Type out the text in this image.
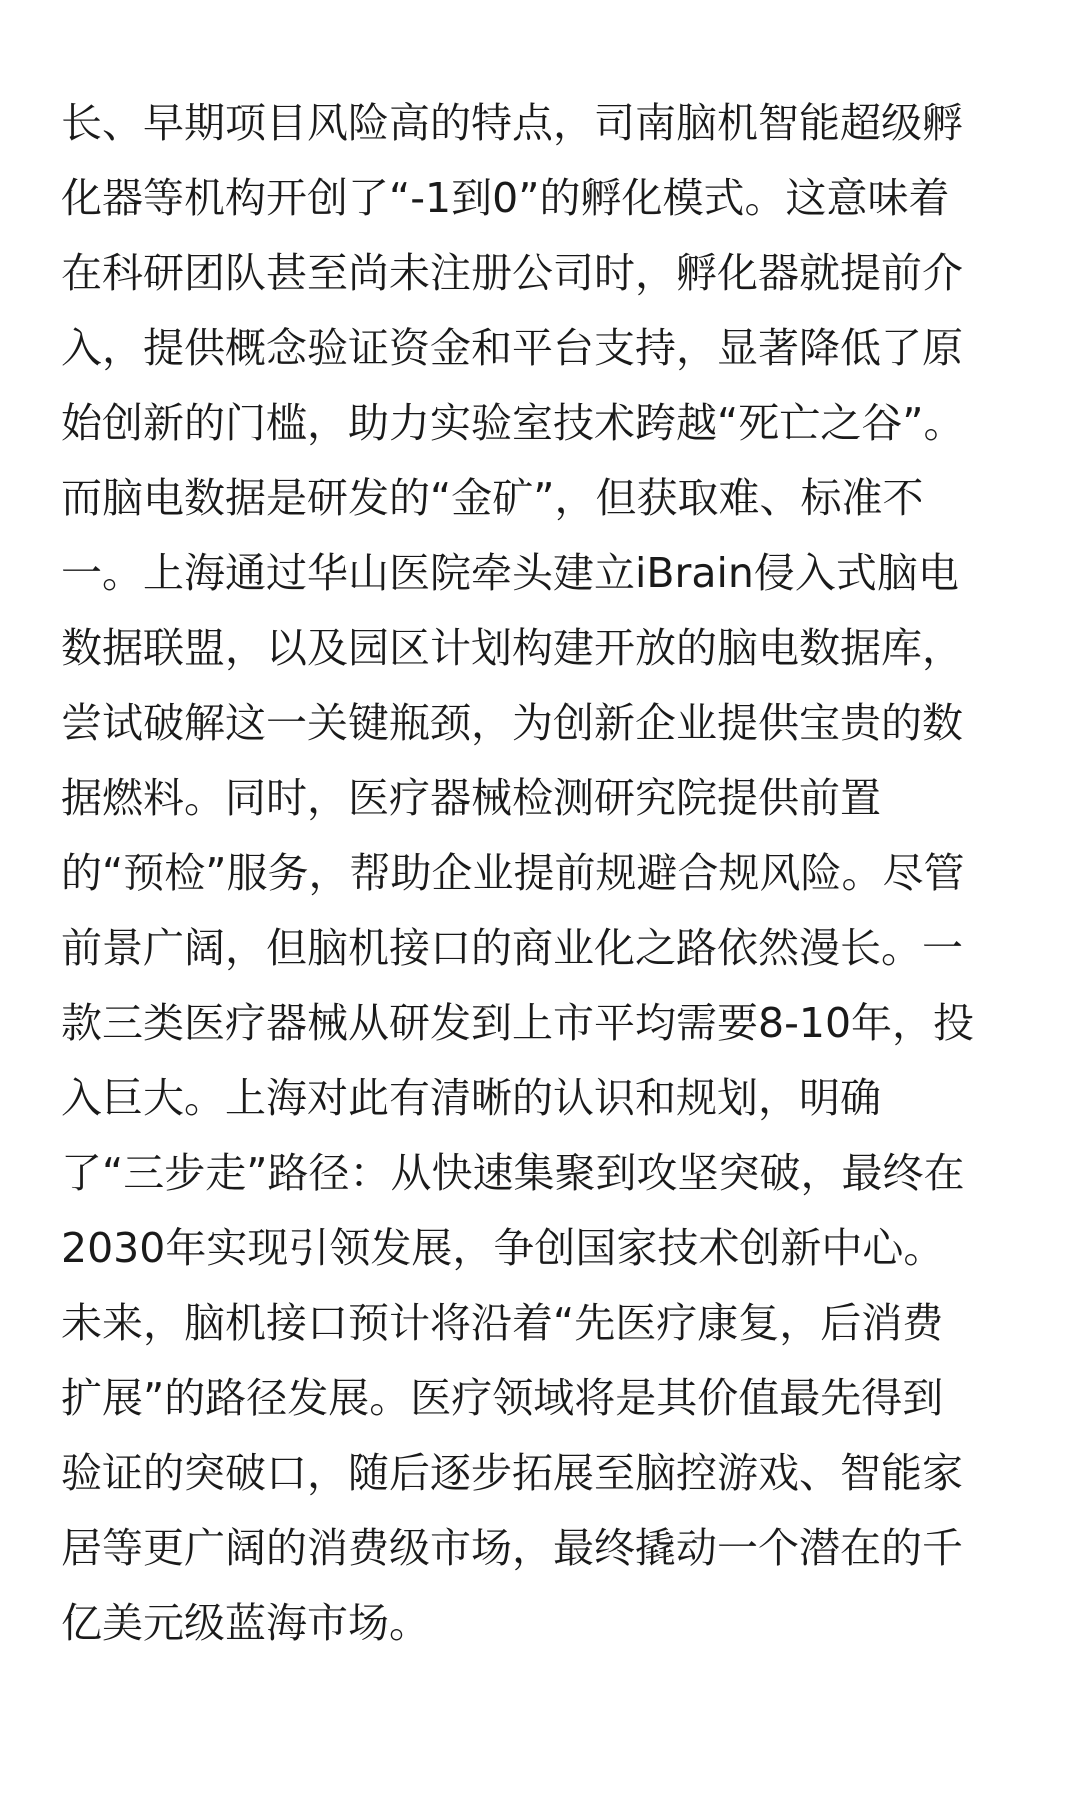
长、早期项目风险高的特点，司南脑机智能超级孵
化器等机构开创了“-1到0”的孵化模式。这意味着
在科研团队甚至尚未注册公司时，孵化器就提前介
入，提供概念验证资金和平台支持，显著降低了原
始创新的门槛，助力实验室技术跨越“死亡之谷”。
而脑电数据是研发的“金矿”，但获取难、标准不
一。上海通过华山医院牵头建立iBrain侵入式脑电
数据联盟，以及园区计划构建开放的脑电数据库，
尝试破解这一关键瓶颈，为创新企业提供宝贵的数
据燃料。同时，医疗器械检测研究院提供前置
的“预检”服务，帮助企业提前规避合规风险。尽管
前景广阔，但脑机接口的商业化之路依然漫长。一
款三类医疗器械从研发到上市平均需要8-10年，投
入巨大。上海对此有清晰的认识和规划，明确
了“三步走”路径：从快速集聚到攻坚突破，最终在
2030年实现引领发展，争创国家技术创新中心。
未来，脑机接口预计将沿着“先医疗康复，后消费
扩展”的路径发展。医疗领域将是其价值最先得到
验证的突破口，随后逐步拓展至脑控游戏、智能家
居等更广阔的消费级市场，最终撬动一个潜在的千
亿美元级蓝海市场。
